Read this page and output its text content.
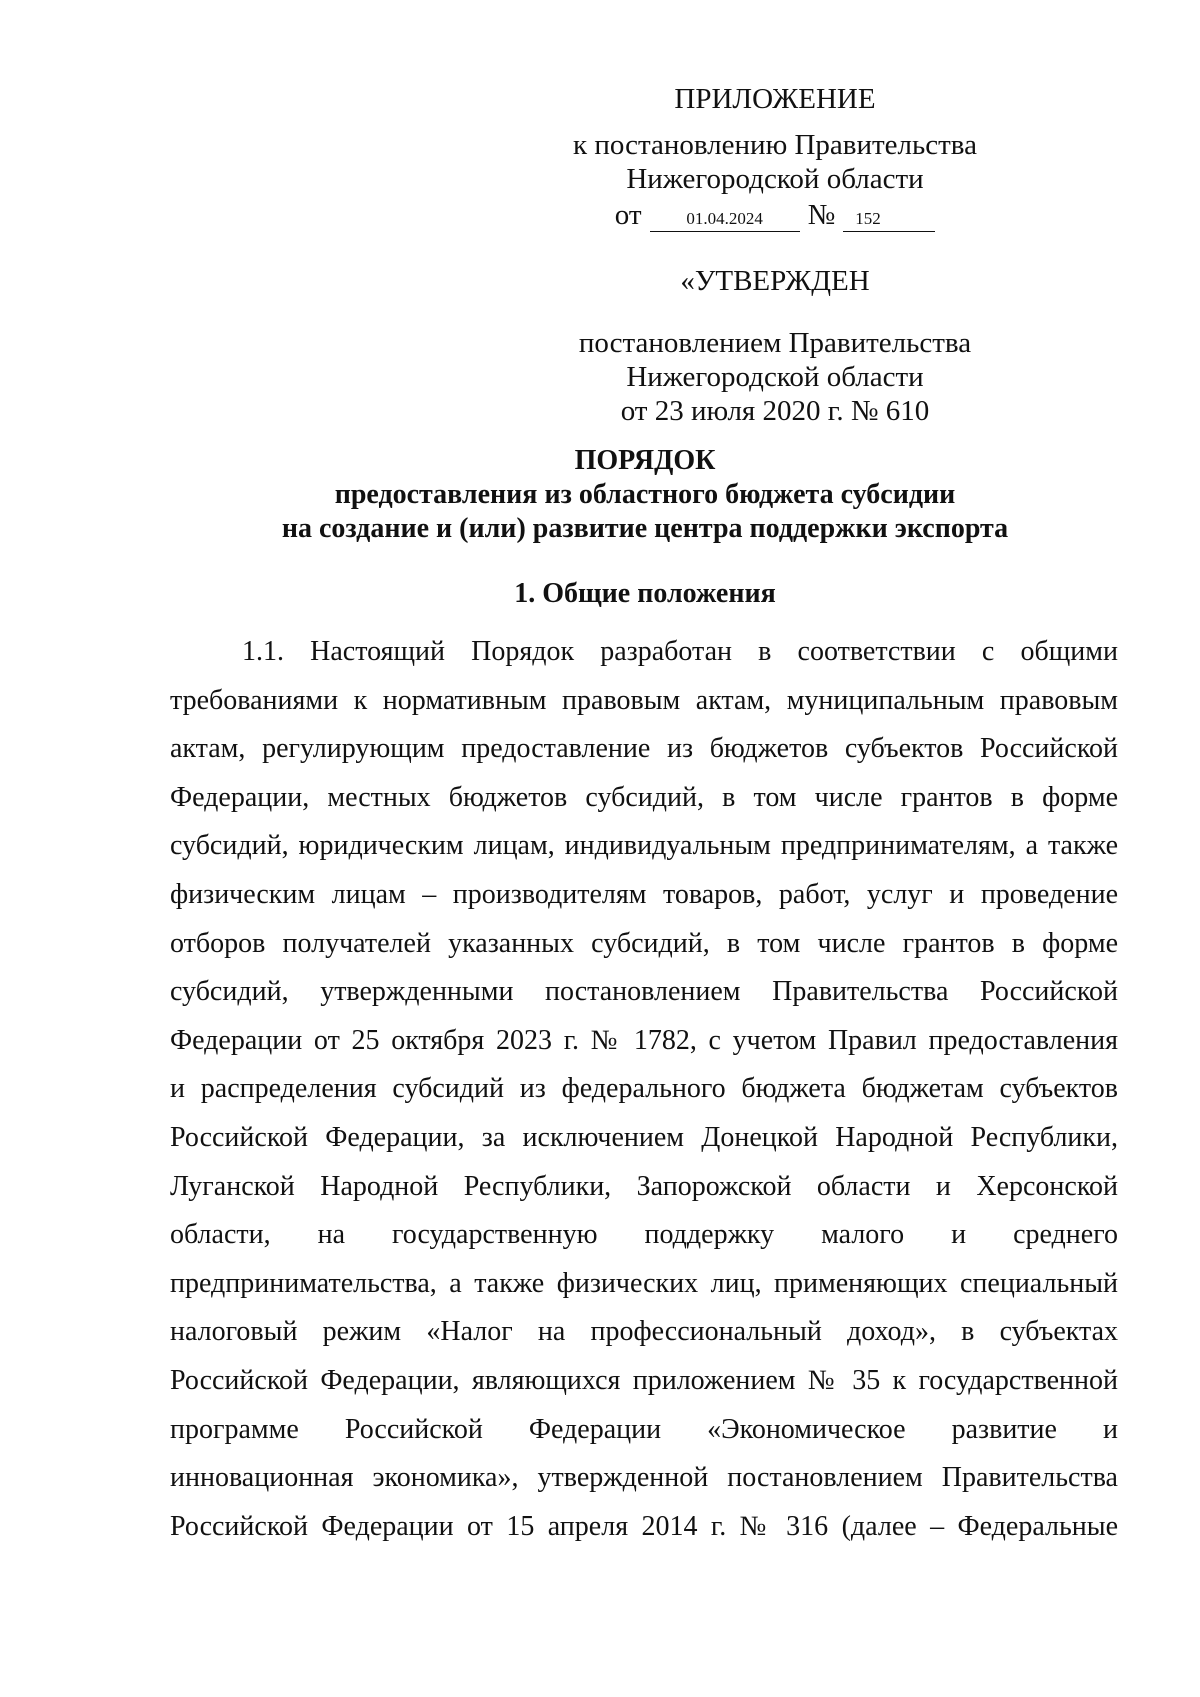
ПРИЛОЖЕНИЕ
к постановлению Правительства
Нижегородской области
от	01.04.2024	№	152
«УТВЕРЖДЕН
постановлением Правительства
Нижегородской области
от 23 июля 2020 г. № 610
ПОРЯДОК
предоставления из областного бюджета субсидии
на создание и (или) развитие центра поддержки экспорта
1. Общие положения
1.1. Настоящий Порядок разработан в соответствии с общими
требованиями к нормативным правовым актам, муниципальным правовым
актам, регулирующим предоставление из бюджетов субъектов Российской
Федерации, местных бюджетов субсидий, в том числе грантов в форме
субсидий, юридическим лицам, индивидуальным предпринимателям, а также
физическим лицам – производителям товаров, работ, услуг и проведение
отборов получателей указанных субсидий, в том числе грантов в форме
субсидий, утвержденными постановлением Правительства Российской
Федерации от 25 октября 2023 г. № 1782, с учетом Правил предоставления
и распределения субсидий из федерального бюджета бюджетам субъектов
Российской Федерации, за исключением Донецкой Народной Республики,
Луганской Народной Республики, Запорожской области и Херсонской
области, на государственную поддержку малого и среднего
предпринимательства, а также физических лиц, применяющих специальный
налоговый режим «Налог на профессиональный доход», в субъектах
Российской Федерации, являющихся приложением № 35 к государственной
программе Российской Федерации «Экономическое развитие и
инновационная экономика», утвержденной постановлением Правительства
Российской Федерации от 15 апреля 2014 г. № 316 (далее – Федеральные
